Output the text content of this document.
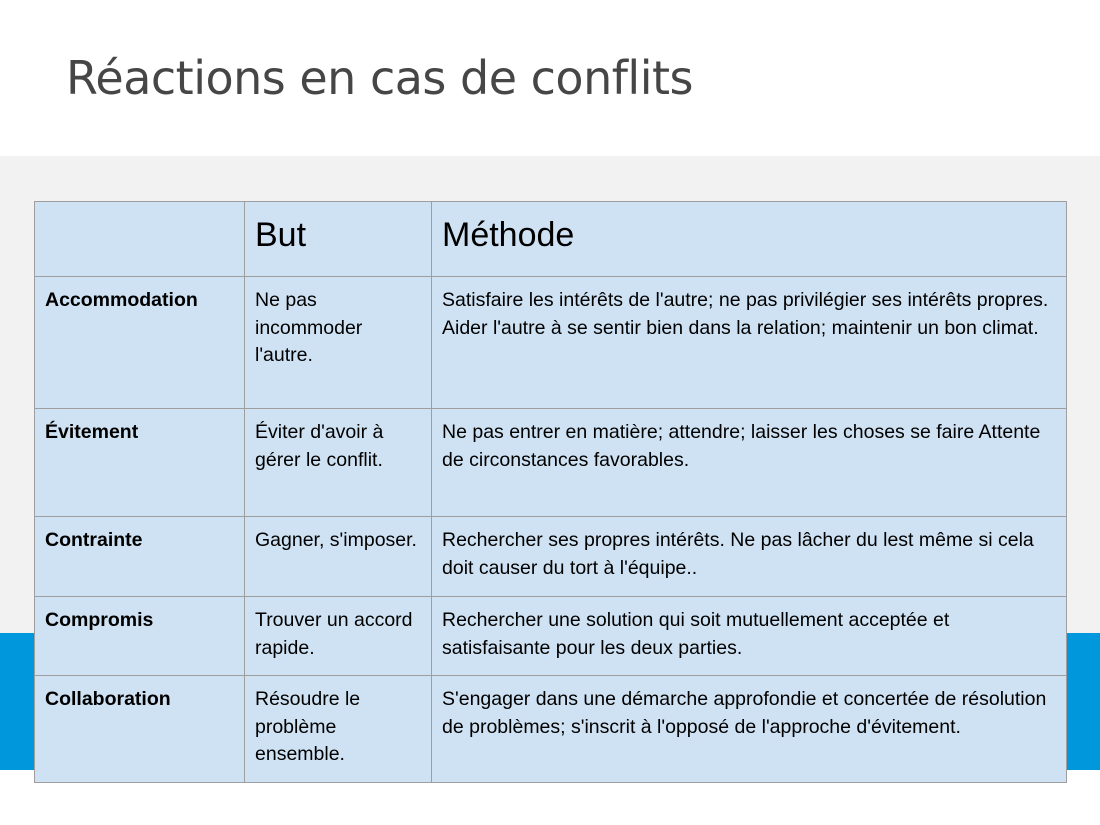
Réactions en cas de conflits
	But	Méthode
Accommodation	Ne pas incommoder l'autre.	Satisfaire les intérêts de l'autre; ne pas privilégier ses intérêts propres. Aider l'autre à se sentir bien dans la relation; maintenir un bon climat.
Évitement	Éviter d'avoir à gérer le conflit.	Ne pas entrer en matière; attendre; laisser les choses se faire Attente de circonstances favorables.
Contrainte	Gagner, s'imposer.	Rechercher ses propres intérêts. Ne pas lâcher du lest même si cela doit causer du tort à l'équipe..
Compromis	Trouver un accord rapide.	Rechercher une solution qui soit mutuellement acceptée et satisfaisante pour les deux parties.
Collaboration	Résoudre le problème ensemble.	S'engager dans une démarche approfondie et concertée de résolution de problèmes; s'inscrit à l'opposé de l'approche d'évitement.
